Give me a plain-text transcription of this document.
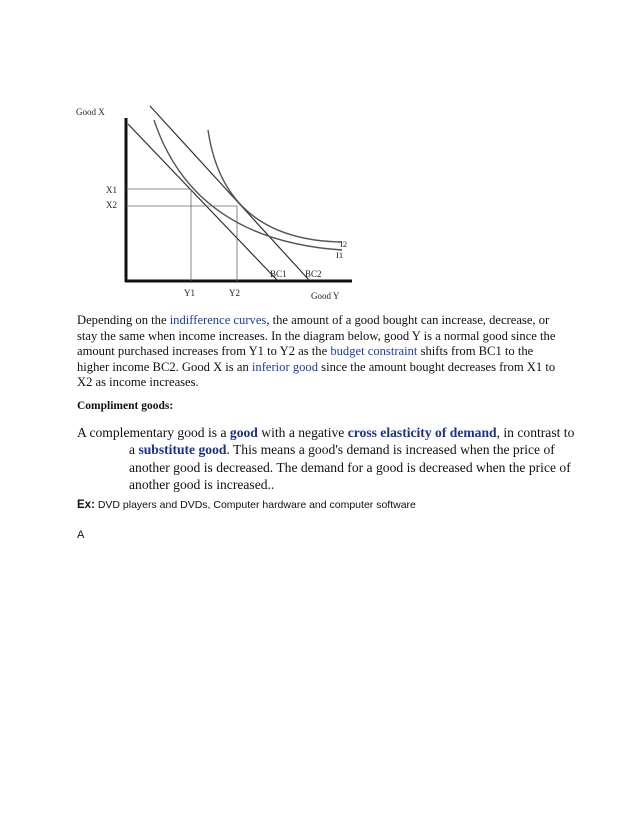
Good X
Good Y
X1
X2
Y1	Y2
BC1 BC2
I2
I1

Depending on the indifference curves, the amount of a good bought can increase, decrease, or stay the same when income increases. In the diagram below, good Y is a normal good since the amount purchased increases from Y1 to Y2 as the budget constraint shifts from BC1 to the higher income BC2. Good X is an inferior good since the amount bought decreases from X1 to X2 as income increases.

Compliment goods:

A complementary good is a good with a negative cross elasticity of demand, in contrast to a substitute good. This means a good's demand is increased when the price of another good is decreased. The demand for a good is decreased when the price of another good is increased..

Ex: DVD players and DVDs, Computer hardware and computer software
A
